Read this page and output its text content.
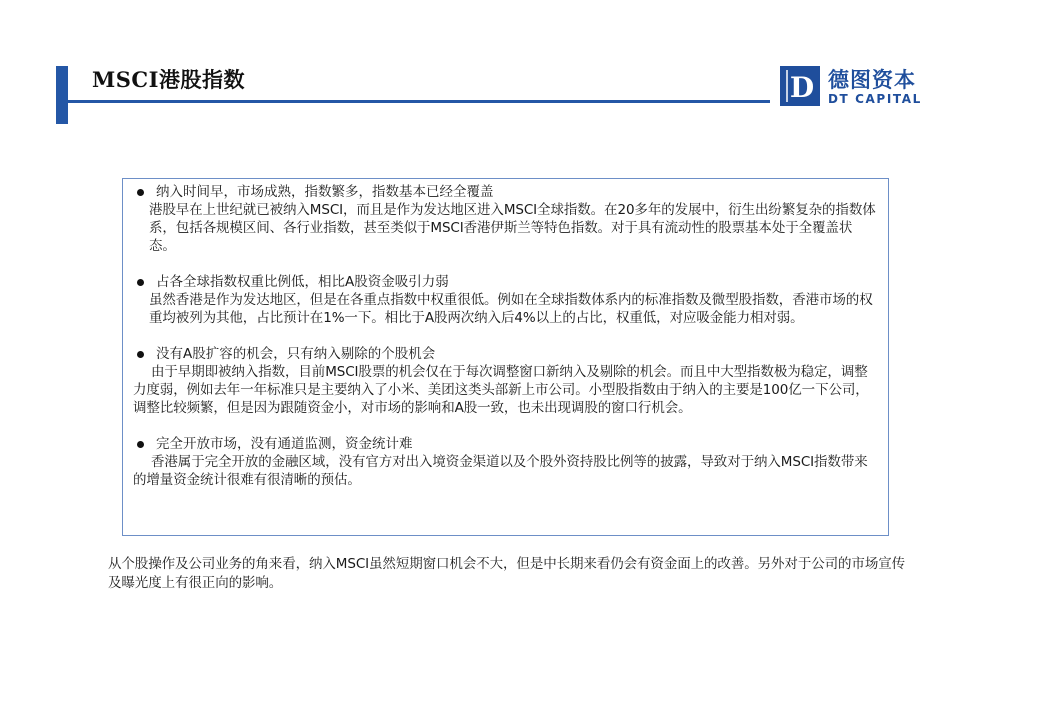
MSCI港股指数	D 德图资本
DT CAPITAL
纳入时间早，市场成熟，指数繁多，指数基本已经全覆盖
港股早在上世纪就已被纳入MSCI，而且是作为发达地区进入MSCI全球指数。在20多年的发展中，衍生出纷繁复杂的指数体系，包括各规模区间、各行业指数，甚至类似于MSCI香港伊斯兰等特色指数。对于具有流动性的股票基本处于全覆盖状态。
占各全球指数权重比例低，相比A股资金吸引力弱
虽然香港是作为发达地区，但是在各重点指数中权重很低。例如在全球指数体系内的标准指数及微型股指数，香港市场的权重均被列为其他，占比预计在1%一下。相比于A股两次纳入后4%以上的占比，权重低，对应吸金能力相对弱。
没有A股扩容的机会，只有纳入剔除的个股机会
由于早期即被纳入指数，目前MSCI股票的机会仅在于每次调整窗口新纳入及剔除的机会。而且中大型指数极为稳定，调整力度弱，例如去年一年标准只是主要纳入了小米、美团这类头部新上市公司。小型股指数由于纳入的主要是100亿一下公司，调整比较频繁，但是因为跟随资金小，对市场的影响和A股一致，也未出现调股的窗口行机会。
完全开放市场，没有通道监测，资金统计难
香港属于完全开放的金融区域，没有官方对出入境资金渠道以及个股外资持股比例等的披露，导致对于纳入MSCI指数带来的增量资金统计很难有很清晰的预估。
从个股操作及公司业务的角来看，纳入MSCI虽然短期窗口机会不大，但是中长期来看仍会有资金面上的改善。另外对于公司的市场宣传及曝光度上有很正向的影响。
